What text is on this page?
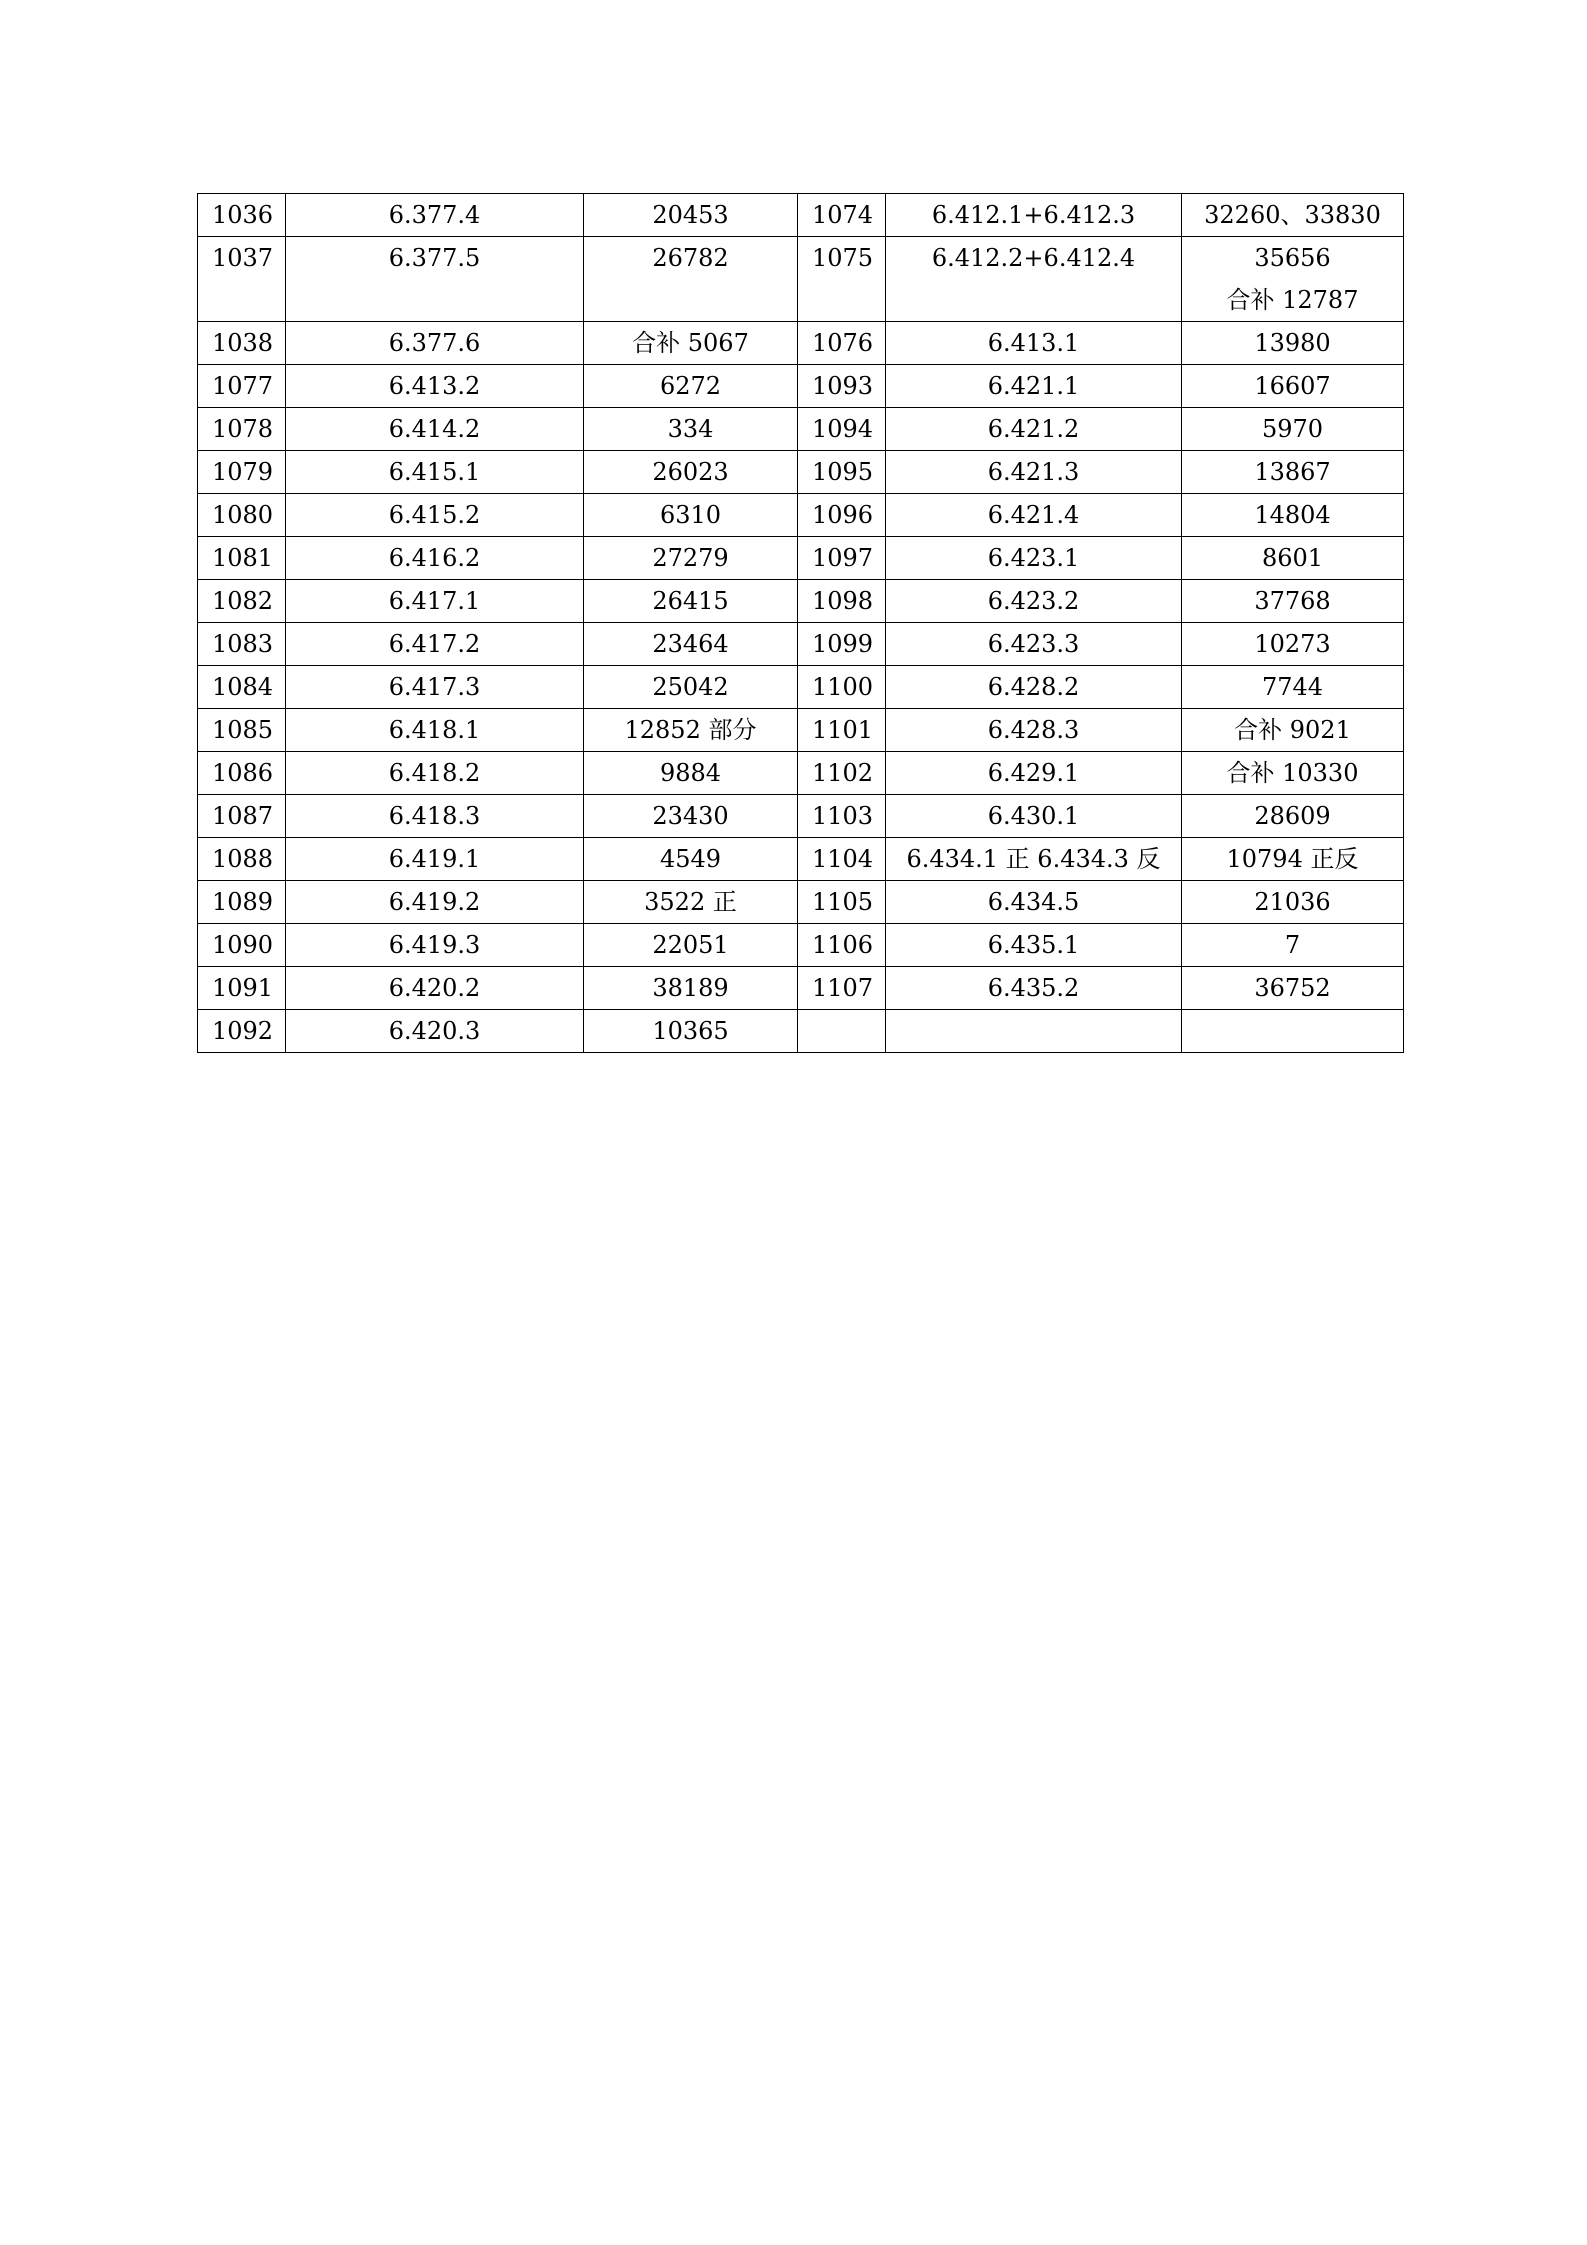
1036	6.377.4	20453	1074	6.412.1+6.412.3	32260、33830

1037	6.377.5	26782	1075	6.412.2+6.412.4	35656
合补 12787

1038	6.377.6	合补 5067	1076	6.413.1	13980

1077	6.413.2	6272	1093	6.421.1	16607

1078	6.414.2	334	1094	6.421.2	5970

1079	6.415.1	26023	1095	6.421.3	13867

1080	6.415.2	6310	1096	6.421.4	14804

1081	6.416.2	27279	1097	6.423.1	8601

1082	6.417.1	26415	1098	6.423.2	37768

1083	6.417.2	23464	1099	6.423.3	10273

1084	6.417.3	25042	1100	6.428.2	7744

1085	6.418.1	12852 部分	1101	6.428.3	合补 9021

1086	6.418.2	9884	1102	6.429.1	合补 10330

1087	6.418.3	23430	1103	6.430.1	28609

1088	6.419.1	4549	1104	6.434.1 正 6.434.3 反	10794 正反

1089	6.419.2	3522 正	1105	6.434.5	21036

1090	6.419.3	22051	1106	6.435.1	7

1091	6.420.2	38189	1107	6.435.2	36752

1092	6.420.3	10365			
